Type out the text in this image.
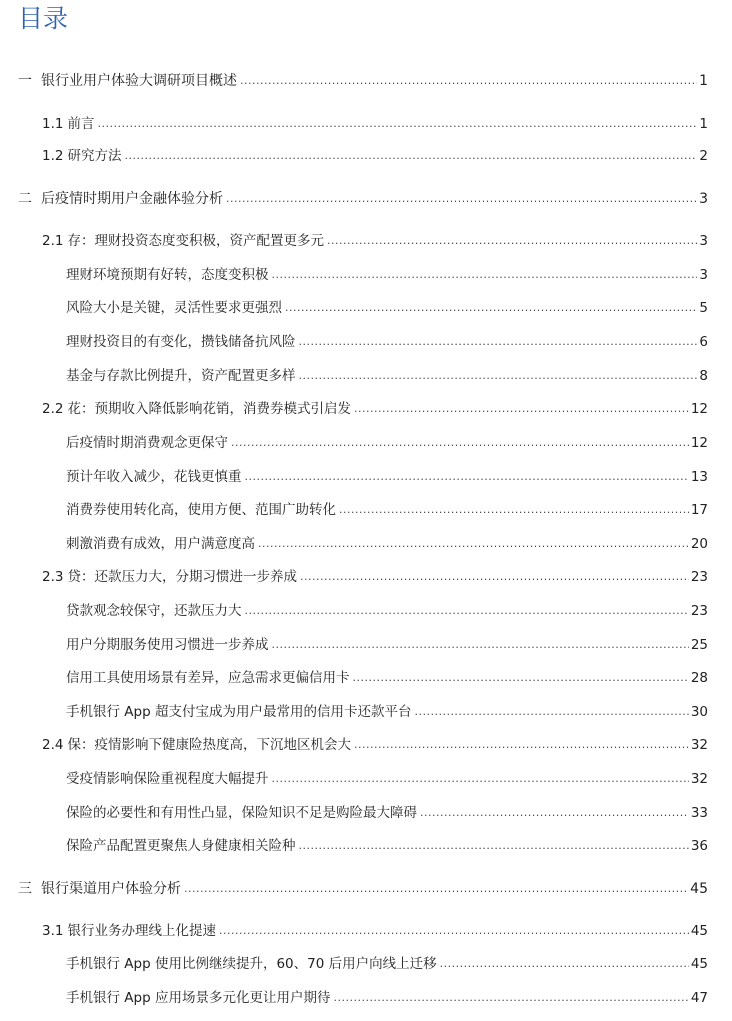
目录
一 银行业用户体验大调研项目概述 .....	1
1.1 前言 .....	1
1.2 研究方法 .....	2
二 后疫情时期用户金融体验分析 .....	3
2.1 存：理财投资态度变积极，资产配置更多元 .....	3
理财环境预期有好转，态度变积极 .....	3
风险大小是关键，灵活性要求更强烈 .....	5
理财投资目的有变化，攒钱储备抗风险 .....	6
基金与存款比例提升，资产配置更多样 .....	8
2.2 花：预期收入降低影响花销，消费券模式引启发 .....	12
后疫情时期消费观念更保守 .....	12
预计年收入减少，花钱更慎重 .....	13
消费券使用转化高，使用方便、范围广助转化 .....	17
刺激消费有成效，用户满意度高 .....	20
2.3 贷：还款压力大，分期习惯进一步养成 .....	23
贷款观念较保守，还款压力大 .....	23
用户分期服务使用习惯进一步养成 .....	25
信用工具使用场景有差异，应急需求更偏信用卡 .....	28
手机银行 App 超支付宝成为用户最常用的信用卡还款平台 .....	30
2.4 保：疫情影响下健康险热度高，下沉地区机会大 .....	32
受疫情影响保险重视程度大幅提升 .....	32
保险的必要性和有用性凸显，保险知识不足是购险最大障碍 .....	33
保险产品配置更聚焦人身健康相关险种 .....	36
三 银行渠道用户体验分析 .....	45
3.1 银行业务办理线上化提速 .....	45
手机银行 App 使用比例继续提升，60、70 后用户向线上迁移 .....	45
手机银行 App 应用场景多元化更让用户期待 .....	47
